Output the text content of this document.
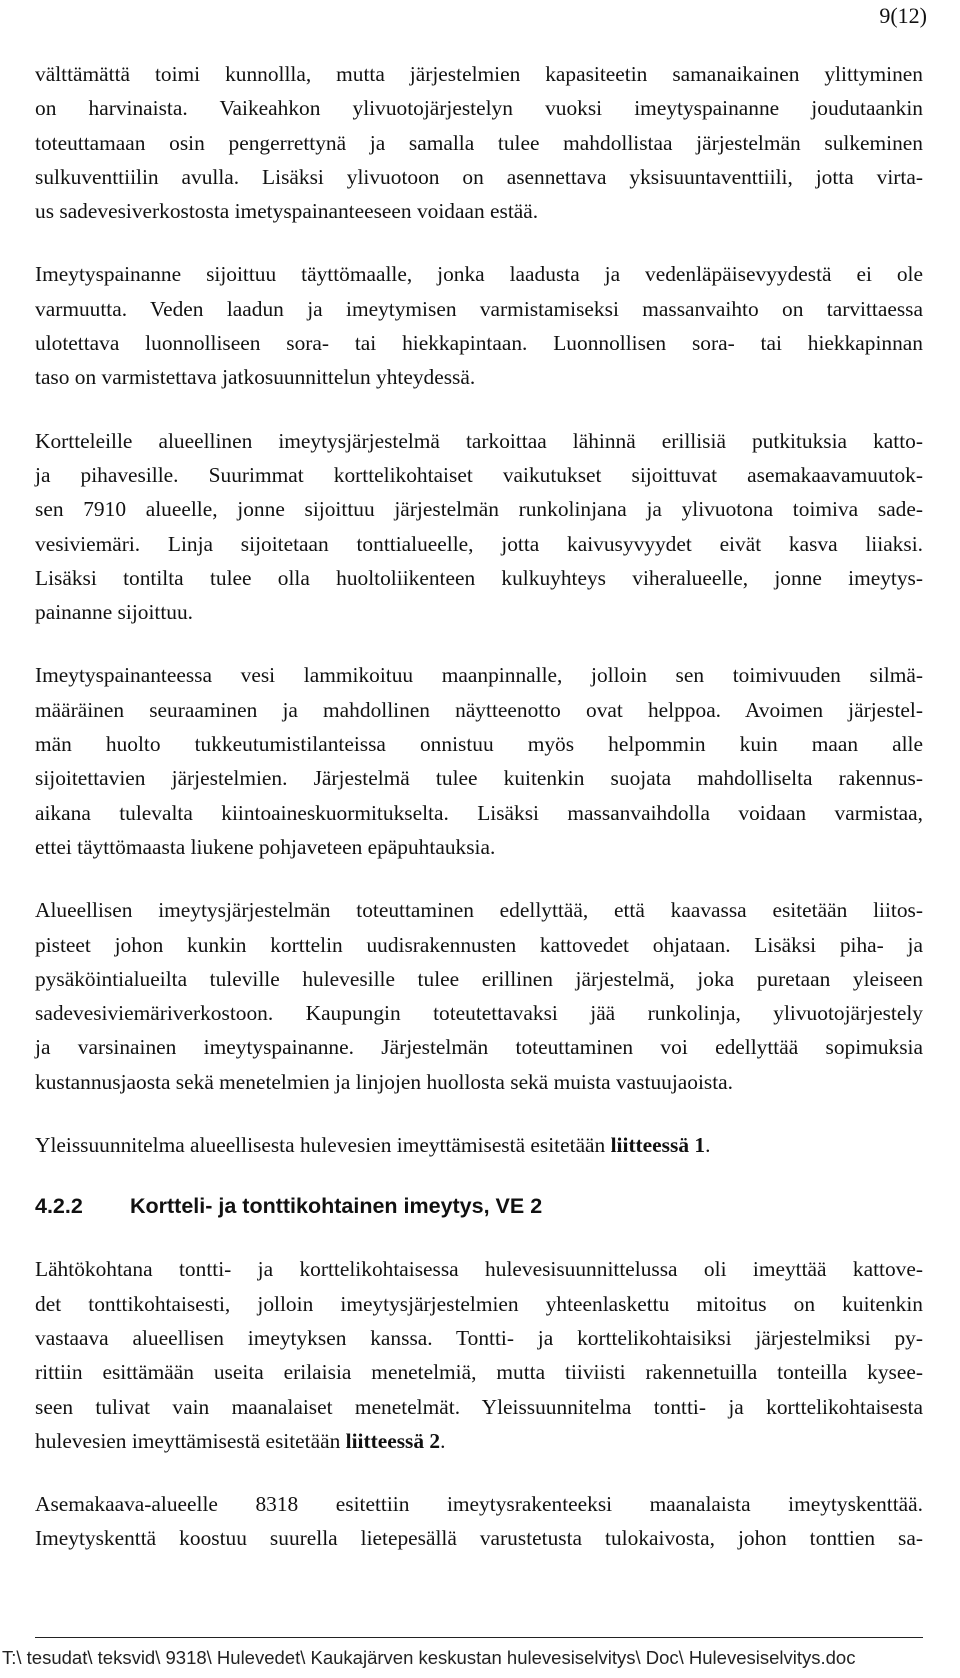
9(12)
välttämättä toimi kunnollla, mutta järjestelmien kapasiteetin samanaikainen ylittyminen
on harvinaista. Vaikeahkon ylivuotojärjestelyn vuoksi imeytyspainanne joudutaankin
toteuttamaan osin pengerrettynä ja samalla tulee mahdollistaa järjestelmän sulkeminen
sulkuventtiilin avulla. Lisäksi ylivuotoon on asennettava yksisuuntaventtiili, jotta virta-
us sadevesiverkostosta imetyspainanteeseen voidaan estää.
Imeytyspainanne sijoittuu täyttömaalle, jonka laadusta ja vedenläpäisevyydestä ei ole
varmuutta. Veden laadun ja imeytymisen varmistamiseksi massanvaihto on tarvittaessa
ulotettava luonnolliseen sora- tai hiekkapintaan. Luonnollisen sora- tai hiekkapinnan
taso on varmistettava jatkosuunnittelun yhteydessä.
Kortteleille alueellinen imeytysjärjestelmä tarkoittaa lähinnä erillisiä putkituksia katto-
ja pihavesille. Suurimmat korttelikohtaiset vaikutukset sijoittuvat asemakaavamuutok-
sen 7910 alueelle, jonne sijoittuu järjestelmän runkolinjana ja ylivuotona toimiva sade-
vesiviemäri. Linja sijoitetaan tonttialueelle, jotta kaivusyvyydet eivät kasva liiaksi.
Lisäksi tontilta tulee olla huoltoliikenteen kulkuyhteys viheralueelle, jonne imeytys-
painanne sijoittuu.
Imeytyspainanteessa vesi lammikoituu maanpinnalle, jolloin sen toimivuuden silmä-
määräinen seuraaminen ja mahdollinen näytteenotto ovat helppoa. Avoimen järjestel-
män huolto tukkeutumistilanteissa onnistuu myös helpommin kuin maan alle
sijoitettavien järjestelmien. Järjestelmä tulee kuitenkin suojata mahdolliselta rakennus-
aikana tulevalta kiintoaineskuormitukselta. Lisäksi massanvaihdolla voidaan varmistaa,
ettei täyttömaasta liukene pohjaveteen epäpuhtauksia.
Alueellisen imeytysjärjestelmän toteuttaminen edellyttää, että kaavassa esitetään liitos-
pisteet johon kunkin korttelin uudisrakennusten kattovedet ohjataan. Lisäksi piha- ja
pysäköintialueilta tuleville hulevesille tulee erillinen järjestelmä, joka puretaan yleiseen
sadevesiviemäriverkostoon. Kaupungin toteutettavaksi jää runkolinja, ylivuotojärjestely
ja varsinainen imeytyspainanne. Järjestelmän toteuttaminen voi edellyttää sopimuksia
kustannusjaosta sekä menetelmien ja linjojen huollosta sekä muista vastuujaoista.
Yleissuunnitelma alueellisesta hulevesien imeyttämisestä esitetään liitteessä 1.
4.2.2	Kortteli- ja tonttikohtainen imeytys, VE 2
Lähtökohtana tontti- ja korttelikohtaisessa hulevesisuunnittelussa oli imeyttää kattove-
det tonttikohtaisesti, jolloin imeytysjärjestelmien yhteenlaskettu mitoitus on kuitenkin
vastaava alueellisen imeytyksen kanssa. Tontti- ja korttelikohtaisiksi järjestelmiksi py-
rittiin esittämään useita erilaisia menetelmiä, mutta tiiviisti rakennetuilla tonteilla kysee-
seen tulivat vain maanalaiset menetelmät. Yleissuunnitelma tontti- ja korttelikohtaisesta
hulevesien imeyttämisestä esitetään liitteessä 2.
Asemakaava-alueelle 8318 esitettiin imeytysrakenteeksi maanalaista imeytyskenttää.
Imeytyskenttä koostuu suurella lietepesällä varustetusta tulokaivosta, johon tonttien sa-
T:\ tesudat\ teksvid\ 9318\ Hulevedet\ Kaukajärven keskustan hulevesiselvitys\ Doc\ Hulevesiselvitys.doc
